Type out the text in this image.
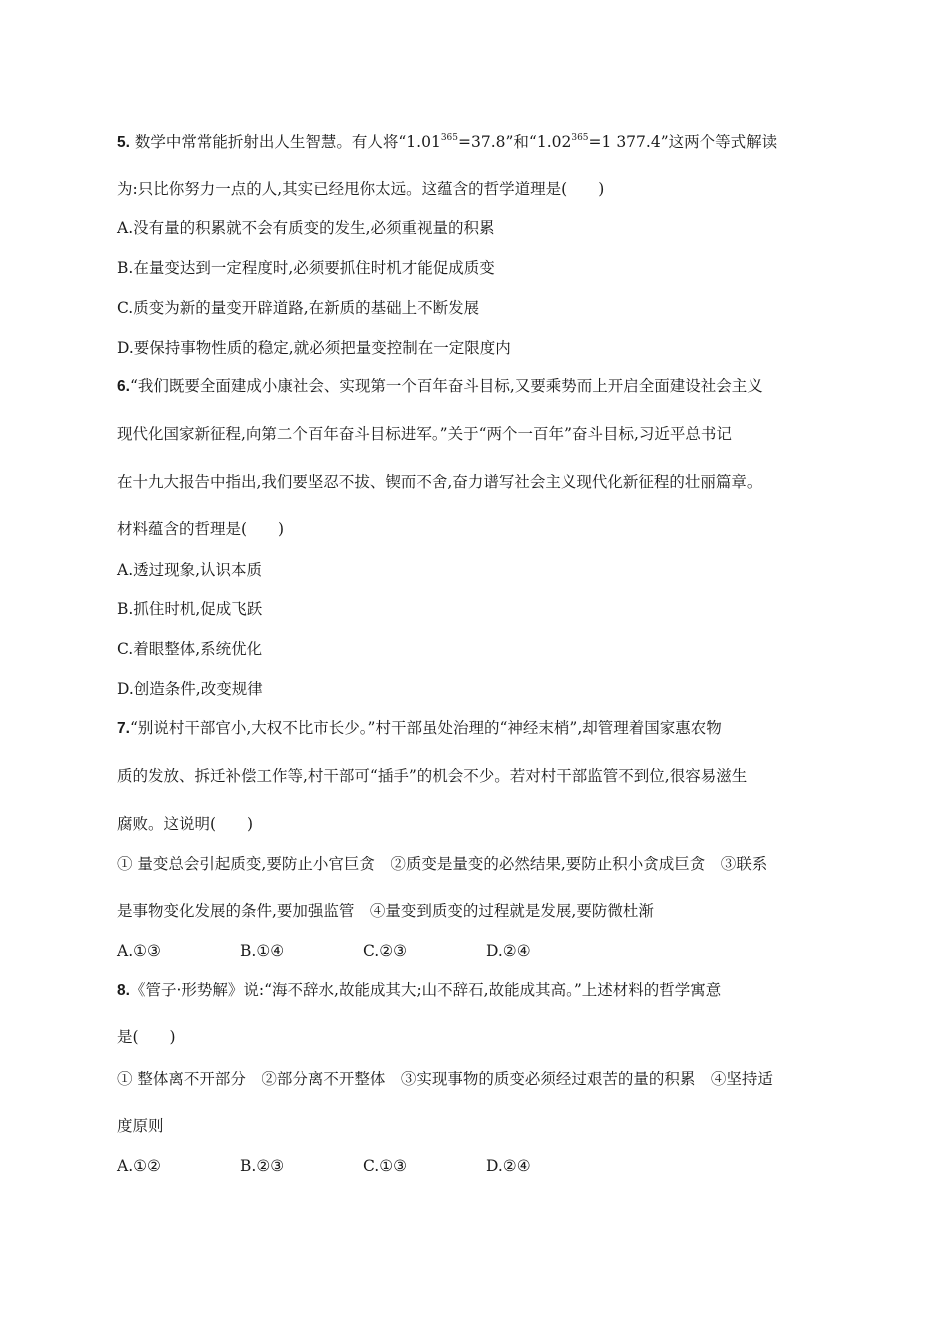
5. 数学中常常能折射出人生智慧。有人将“$1.01^{365}=37.8$”和“$1.02^{365}=1$ 377.4”这两个等式解读
为:只比你努力一点的人,其实已经甩你太远。这蕴含的哲学道理是(　　)
A.没有量的积累就不会有质变的发生,必须重视量的积累
B.在量变达到一定程度时,必须要抓住时机才能促成质变
C.质变为新的量变开辟道路,在新质的基础上不断发展
D.要保持事物性质的稳定,就必须把量变控制在一定限度内
6.“我们既要全面建成小康社会、实现第一个百年奋斗目标,又要乘势而上开启全面建设社会主义
现代化国家新征程,向第二个百年奋斗目标进军。”关于“两个一百年”奋斗目标,习近平总书记
在十九大报告中指出,我们要坚忍不拔、锲而不舍,奋力谱写社会主义现代化新征程的壮丽篇章。
材料蕴含的哲理是(　　)
A.透过现象,认识本质
B.抓住时机,促成飞跃
C.着眼整体,系统优化
D.创造条件,改变规律
7.“别说村干部官小,大权不比市长少。”村干部虽处治理的“神经末梢”,却管理着国家惠农物
质的发放、拆迁补偿工作等,村干部可“插手”的机会不少。若对村干部监管不到位,很容易滋生
腐败。这说明(　　)
① 量变总会引起质变,要防止小官巨贪　②质变是量变的必然结果,要防止积小贪成巨贪　③联系
是事物变化发展的条件,要加强监管　④量变到质变的过程就是发展,要防微杜渐
A.①③	B.①④	C.②③	D.②④
8.《管子·形势解》说:“海不辞水,故能成其大;山不辞石,故能成其高。”上述材料的哲学寓意
是(　　)
① 整体离不开部分　②部分离不开整体　③实现事物的质变必须经过艰苦的量的积累　④坚持适
度原则
A.①②	B.②③	C.①③	D.②④
